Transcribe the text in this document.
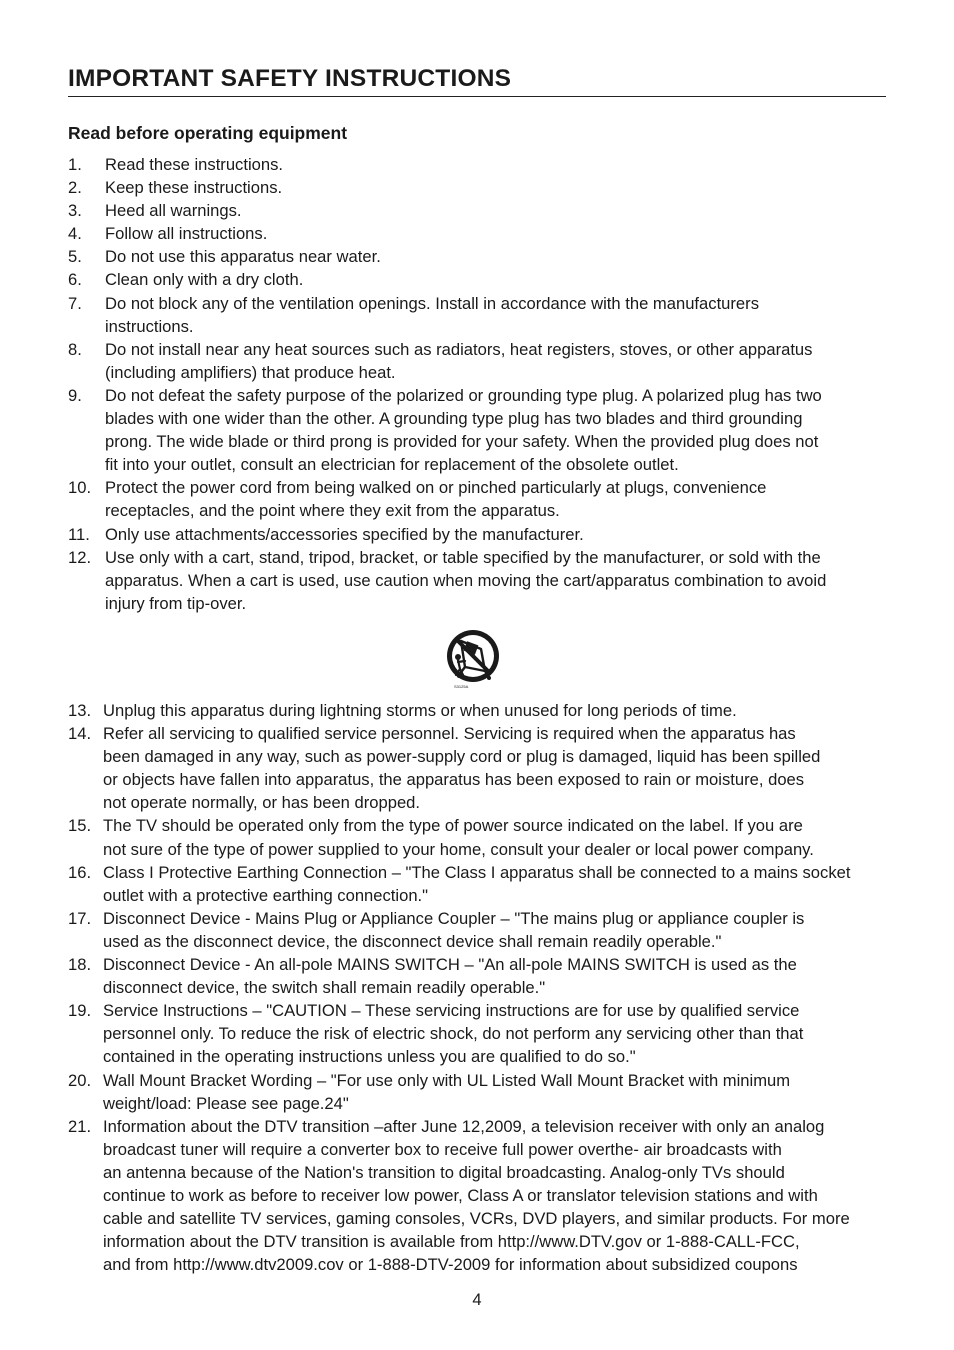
IMPORTANT SAFETY INSTRUCTIONS
Read before operating equipment
1.	Read these instructions.
2.	Keep these instructions.
3.	Heed all warnings.
4.	Follow all instructions.
5.	Do not use this apparatus near water.
6.	Clean only with a dry cloth.
7.	Do not block any of the ventilation openings. Install in accordance with the manufacturers
instructions.
8.	Do not install near any heat sources such as radiators, heat registers, stoves, or other apparatus
(including amplifiers) that produce heat.
9.	Do not defeat the safety purpose of the polarized or grounding type plug. A polarized plug has two
blades with one wider than the other. A grounding type plug has two blades and third grounding
prong. The wide blade or third prong is provided for your safety. When the provided plug does not
fit into your outlet, consult an electrician for replacement of the obsolete outlet.
10. Protect the power cord from being walked on or pinched particularly at plugs, convenience
receptacles, and the point where they exit from the apparatus.
11. Only use attachments/accessories specified by the manufacturer.
12. Use only with a cart, stand, tripod, bracket, or table specified by the manufacturer, or sold with the
apparatus. When a cart is used, use caution when moving the cart/apparatus combination to avoid
injury from tip-over.
S3125A
13. Unplug this apparatus during lightning storms or when unused for long periods of time.
14. Refer all servicing to qualified service personnel. Servicing is required when the apparatus has
been damaged in any way, such as power-supply cord or plug is damaged, liquid has been spilled
or objects have fallen into apparatus, the apparatus has been exposed to rain or moisture, does
not operate normally, or has been dropped.
15. The TV should be operated only from the type of power source indicated on the label. If you are
not sure of the type of power supplied to your home, consult your dealer or local power company.
16. Class I Protective Earthing Connection – "The Class I apparatus shall be connected to a mains socket
outlet with a protective earthing connection."
17. Disconnect Device - Mains Plug or Appliance Coupler – "The mains plug or appliance coupler is
used as the disconnect device, the disconnect device shall remain readily operable."
18. Disconnect Device - An all-pole MAINS SWITCH – "An all-pole MAINS SWITCH is used as the
disconnect device, the switch shall remain readily operable."
19. Service Instructions – "CAUTION – These servicing instructions are for use by qualified service
personnel only. To reduce the risk of electric shock, do not perform any servicing other than that
contained in the operating instructions unless you are qualified to do so."
20. Wall Mount Bracket Wording – "For use only with UL Listed Wall Mount Bracket with minimum
weight/load: Please see page.24"
21. Information about the DTV transition –after June 12,2009, a television receiver with only an analog
broadcast tuner will require a converter box to receive full power overthe- air broadcasts with
an antenna because of the Nation's transition to digital broadcasting. Analog-only TVs should
continue to work as before to receiver low power, Class A or translator television stations and with
cable and satellite TV services, gaming consoles, VCRs, DVD players, and similar products. For more
information about the DTV transition is available from http://www.DTV.gov or 1-888-CALL-FCC,
and from http://www.dtv2009.cov or 1-888-DTV-2009 for information about subsidized coupons
4
